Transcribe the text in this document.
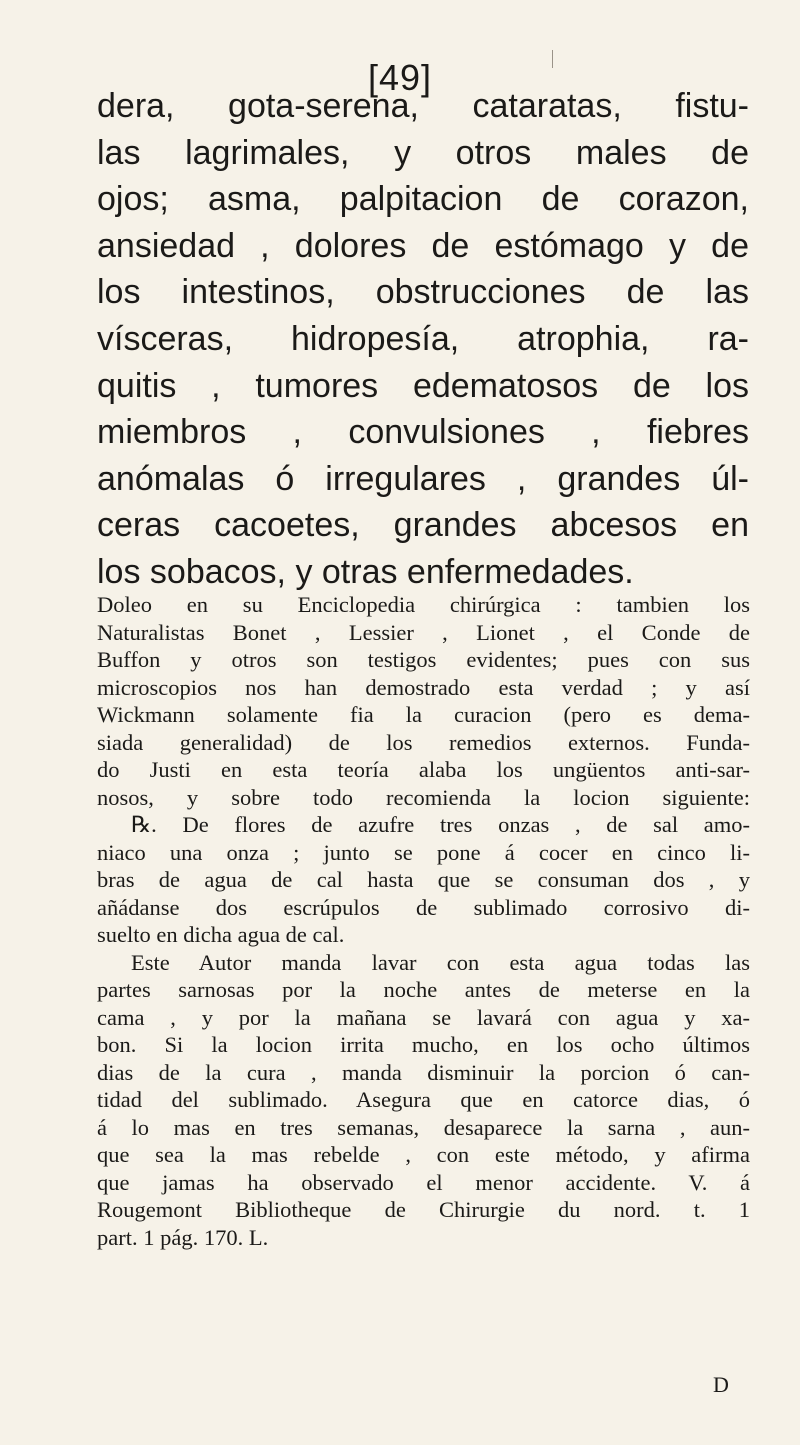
[49]
dera, gota-serena, cataratas, fistu-
las lagrimales, y otros males de
ojos; asma, palpitacion de corazon,
ansiedad , dolores de estómago y de
los intestinos, obstrucciones de las
vísceras, hidropesía, atrophia, ra-
quitis , tumores edematosos de los
miembros , convulsiones , fiebres
anómalas ó irregulares , grandes úl-
ceras cacoetes, grandes abcesos en
los sobacos, y otras enfermedades.
Doleo en su Enciclopedia chirúrgica : tambien los
Naturalistas Bonet , Lessier , Lionet , el Conde de
Buffon y otros son testigos evidentes; pues con sus
microscopios nos han demostrado esta verdad ; y así
Wickmann solamente fia la curacion (pero es dema-
siada generalidad) de los remedios externos. Funda-
do Justi en esta teoría alaba los ungüentos anti-sar-
nosos, y sobre todo recomienda la locion siguiente:
℞. De flores de azufre tres onzas , de sal amo-
niaco una onza ; junto se pone á cocer en cinco li-
bras de agua de cal hasta que se consuman dos , y
añádanse dos escrúpulos de sublimado corrosivo di-
suelto en dicha agua de cal.
Este Autor manda lavar con esta agua todas las
partes sarnosas por la noche antes de meterse en la
cama , y por la mañana se lavará con agua y xa-
bon. Si la locion irrita mucho, en los ocho últimos
dias de la cura , manda disminuir la porcion ó can-
tidad del sublimado. Asegura que en catorce dias, ó
á lo mas en tres semanas, desaparece la sarna , aun-
que sea la mas rebelde , con este método, y afirma
que jamas ha observado el menor accidente. V. á
Rougemont Bibliotheque de Chirurgie du nord. t. 1
part. 1 pág. 170. L.
D
